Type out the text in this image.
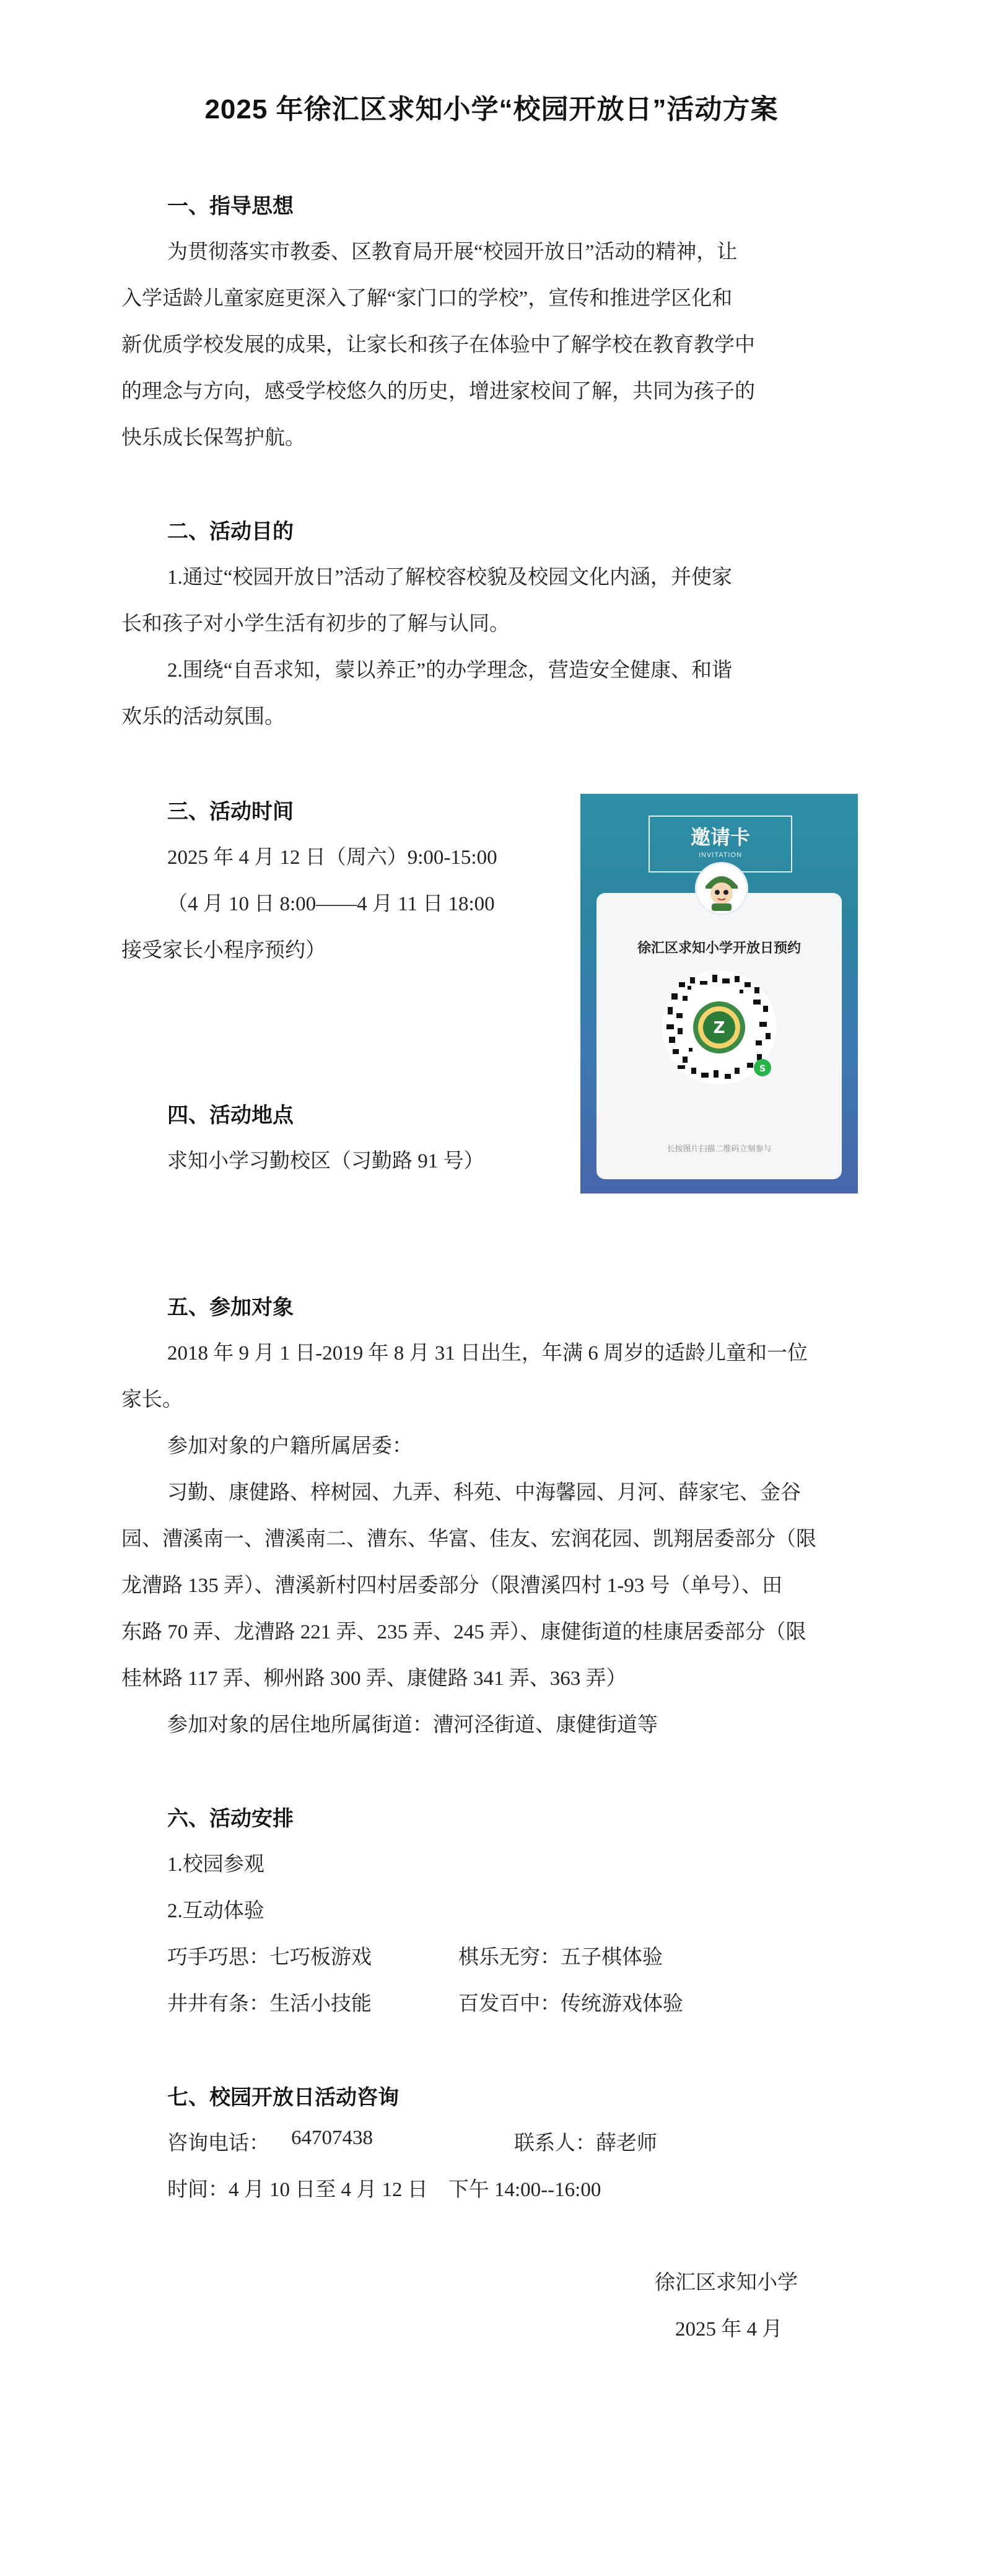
2025 年徐汇区求知小学“校园开放日”活动方案
一、指导思想
为贯彻落实市教委、区教育局开展“校园开放日”活动的精神，让
入学适龄儿童家庭更深入了解“家门口的学校”，宣传和推进学区化和
新优质学校发展的成果，让家长和孩子在体验中了解学校在教育教学中
的理念与方向，感受学校悠久的历史，增进家校间了解，共同为孩子的
快乐成长保驾护航。
二、活动目的
1.通过“校园开放日”活动了解校容校貌及校园文化内涵，并使家
长和孩子对小学生活有初步的了解与认同。
2.围绕“自吾求知，蒙以养正”的办学理念，营造安全健康、和谐
欢乐的活动氛围。
三、活动时间
2025 年 4 月 12 日（周六）9:00-15:00
（4 月 10 日 8:00——4 月 11 日 18:00
接受家长小程序预约）
四、活动地点
求知小学习勤校区（习勤路 91 号）
邀请卡
INVITATION
徐汇区求知小学开放日预约
Z
S
长按图片扫描二维码立刻参与
五、参加对象
2018 年 9 月 1 日-2019 年 8 月 31 日出生，年满 6 周岁的适龄儿童和一位
家长。
参加对象的户籍所属居委：
习勤、康健路、梓树园、九弄、科苑、中海馨园、月河、薛家宅、金谷
园、漕溪南一、漕溪南二、漕东、华富、佳友、宏润花园、凯翔居委部分（限
龙漕路 135 弄）、漕溪新村四村居委部分（限漕溪四村 1-93 号（单号）、田
东路 70 弄、龙漕路 221 弄、235 弄、245 弄）、康健街道的桂康居委部分（限
桂林路 117 弄、柳州路 300 弄、康健路 341 弄、363 弄）
参加对象的居住地所属街道：漕河泾街道、康健街道等
六、活动安排
1.校园参观
2.互动体验
巧手巧思：七巧板游戏	棋乐无穷：五子棋体验
井井有条：生活小技能	百发百中：传统游戏体验
七、校园开放日活动咨询
咨询电话： 64707438	联系人：薛老师
时间：4 月 10 日至 4 月 12 日　下午 14:00--16:00
徐汇区求知小学
2025 年 4 月
